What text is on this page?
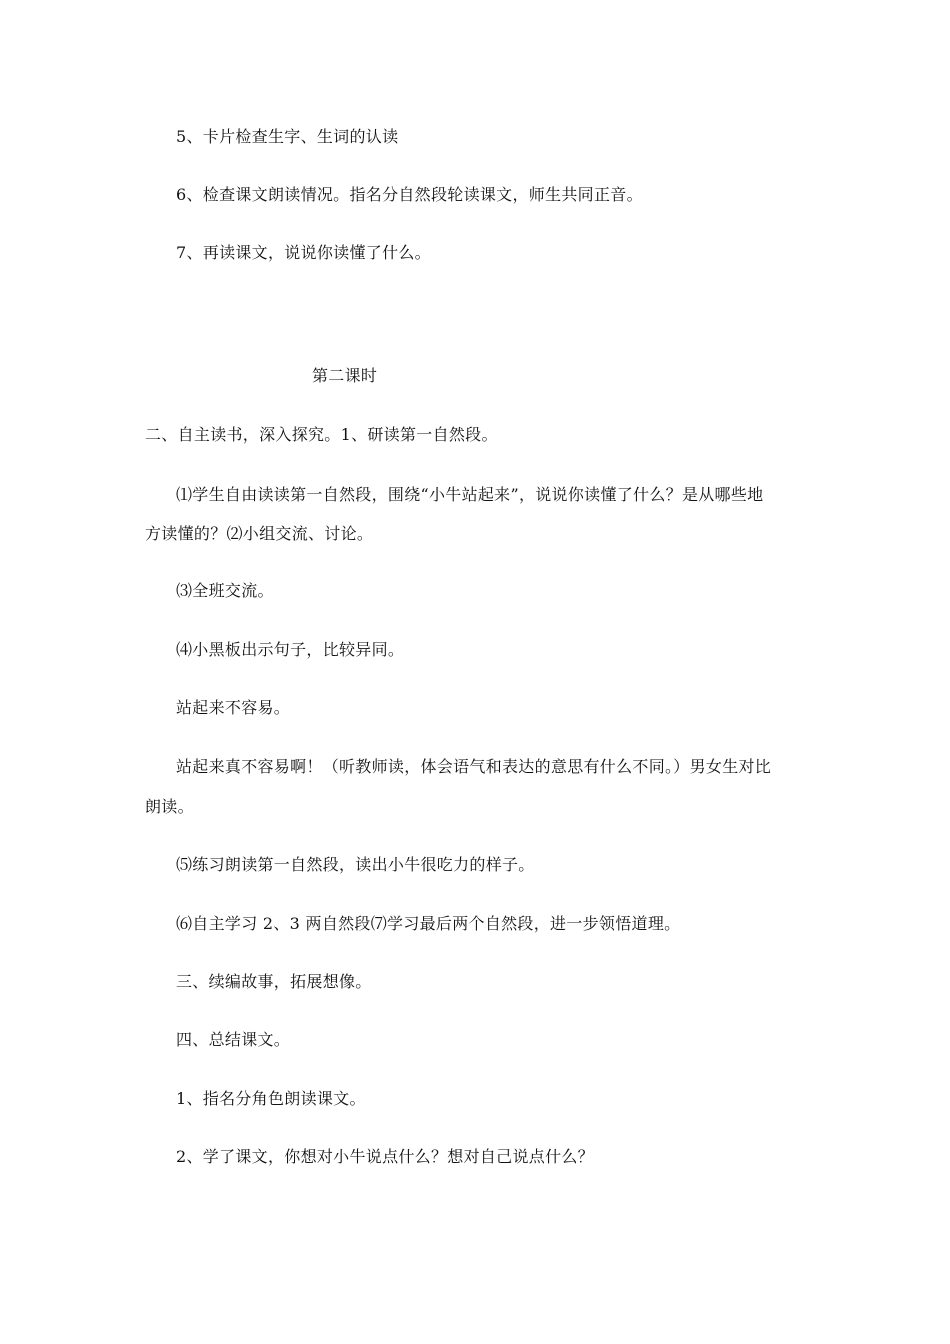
5、卡片检查生字、生词的认读
6、检查课文朗读情况。指名分自然段轮读课文，师生共同正音。
7、再读课文，说说你读懂了什么。
第二课时
二、自主读书，深入探究。1、研读第一自然段。
⑴学生自由读读第一自然段，围绕“小牛站起来”，说说你读懂了什么？是从哪些地
方读懂的？⑵小组交流、讨论。
⑶全班交流。
⑷小黑板出示句子，比较异同。
站起来不容易。
站起来真不容易啊！（听教师读，体会语气和表达的意思有什么不同。）男女生对比
朗读。
⑸练习朗读第一自然段，读出小牛很吃力的样子。
⑹自主学习 2、3 两自然段⑺学习最后两个自然段，进一步领悟道理。
三、续编故事，拓展想像。
四、总结课文。
1、指名分角色朗读课文。
2、学了课文，你想对小牛说点什么？想对自己说点什么？
